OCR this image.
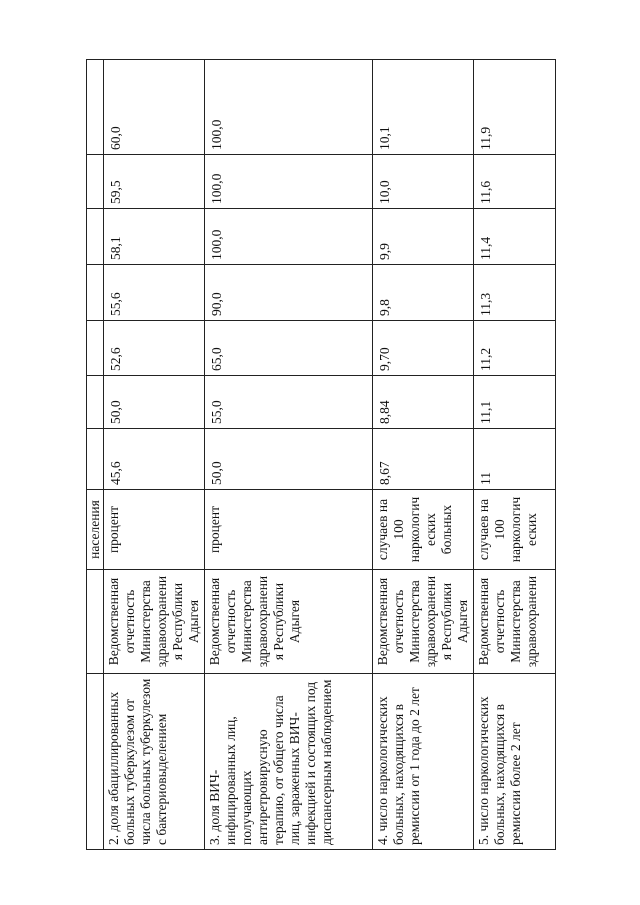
		населения							
2. доля абациллированных больных туберкулезом от числа больных туберкулезом с бактериовыделением	Ведомственная отчетность Министерства здравоохранени я Республики Адыгея	процент	45,6	50,0	52,6	55,6	58,1	59,5	60,0
3. доля ВИЧ-инфицированных лиц, получающих антиретровирусную терапию, от общего числа лиц, зараженных ВИЧ-инфекцией и состоящих под диспансерным наблюдением	Ведомственная отчетность Министерства здравоохранени я Республики Адыгея	процент	50,0	55,0	65,0	90,0	100,0	100,0	100,0
4. число наркологических больных, находящихся в ремиссии от 1 года до 2 лет	Ведомственная отчетность Министерства здравоохранени я Республики Адыгея	случаев на 100 наркологич еских больных	8,67	8,84	9,70	9,8	9,9	10,0	10,1
5. число наркологических больных, находящихся в ремиссии более 2 лет	Ведомственная отчетность Министерства здравоохранени	случаев на 100 наркологич еских	11	11,1	11,2	11,3	11,4	11,6	11,9
